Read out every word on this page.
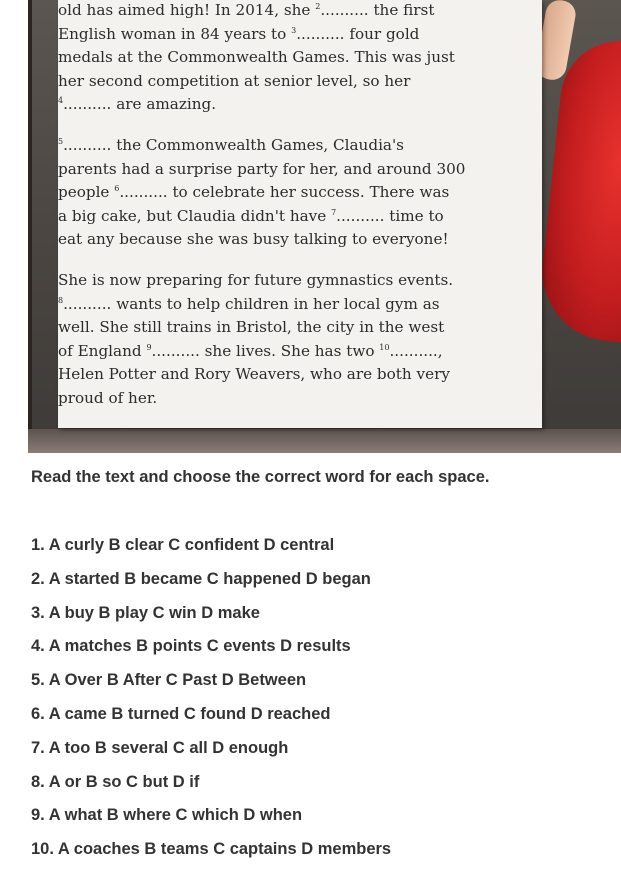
old has aimed high! In 2014, she $^2$.......... the first
English woman in 84 years to $^3$.......... four gold
medals at the Commonwealth Games. This was just
her second competition at senior level, so her
$^4$.......... are amazing.

$^5$.......... the Commonwealth Games, Claudia's
parents had a surprise party for her, and around 300
people $^6$.......... to celebrate her success. There was
a big cake, but Claudia didn't have $^7$.......... time to
eat any because she was busy talking to everyone!

She is now preparing for future gymnastics events.
$^8$.......... wants to help children in her local gym as
well. She still trains in Bristol, the city in the west
of England $^9$.......... she lives. She has two $^{10}$..........,
Helen Potter and Rory Weavers, who are both very
proud of her.

Read the text and choose the correct word for each space.
1. A curly B clear C confident D central
2. A started B became C happened D began
3. A buy B play C win D make
4. A matches B points C events D results
5. A Over B After C Past D Between
6. A came B turned C found D reached
7. A too B several C all D enough
8. A or B so C but D if
9. A what B where C which D when
10. A coaches B teams C captains D members
